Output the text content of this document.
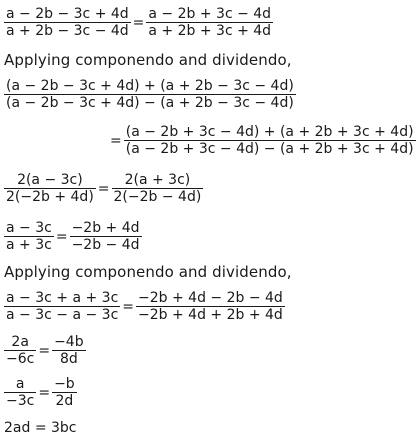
$\frac{a - 2b - 3c + 4d}{a + 2b - 3c - 4d} = \frac{a - 2b + 3c - 4d}{a + 2b + 3c + 4d}$
Applying componendo and dividendo,
$\frac{(a - 2b - 3c + 4d) + (a + 2b - 3c - 4d)}{(a - 2b - 3c + 4d) - (a + 2b - 3c - 4d)}$
= $\frac{(a - 2b + 3c - 4d) + (a + 2b + 3c + 4d)}{(a - 2b + 3c - 4d) - (a + 2b + 3c + 4d)}$
$\frac{2(a - 3c)}{2(-2b + 4d)} = \frac{2(a + 3c)}{2(-2b - 4d)}$
$\frac{a - 3c}{a + 3c} = \frac{-2b + 4d}{-2b - 4d}$
Applying componendo and dividendo,
$\frac{a - 3c + a + 3c}{a - 3c - a - 3c} = \frac{-2b + 4d - 2b - 4d}{-2b + 4d + 2b + 4d}$
$\frac{2a}{-6c} = \frac{-4b}{8d}$
$\frac{a}{-3c} = \frac{-b}{2d}$
2ad = 3bc
